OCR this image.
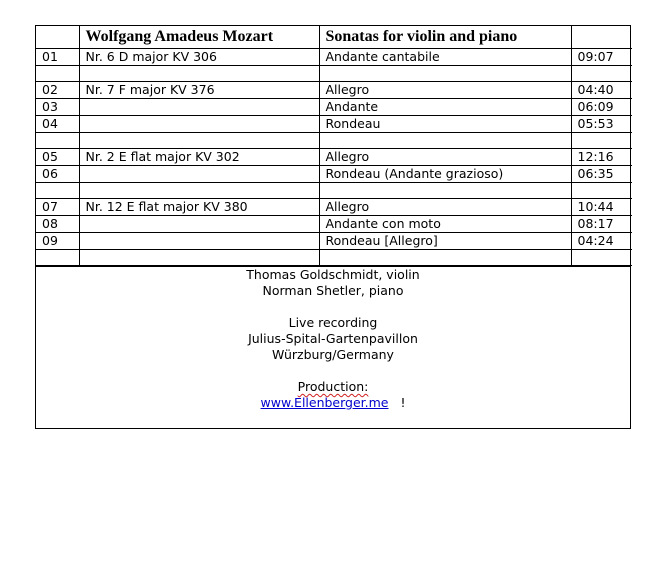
	Wolfgang Amadeus Mozart	Sonatas for violin and piano	
01	Nr. 6 D major KV 306	Andante cantabile	09:07

02	Nr. 7 F major KV 376	Allegro	04:40
03		Andante	06:09
04		Rondeau	05:53

05	Nr. 2 E flat major KV 302	Allegro	12:16
06		Rondeau (Andante grazioso)	06:35

07	Nr. 12 E flat major KV 380	Allegro	10:44
08		Andante con moto	08:17
09		Rondeau [Allegro]	04:24

Thomas Goldschmidt, violin
Norman Shetler, piano
Live recording
Julius-Spital-Gartenpavillon
Würzburg/Germany
Production:
www.Ellenberger.me !
